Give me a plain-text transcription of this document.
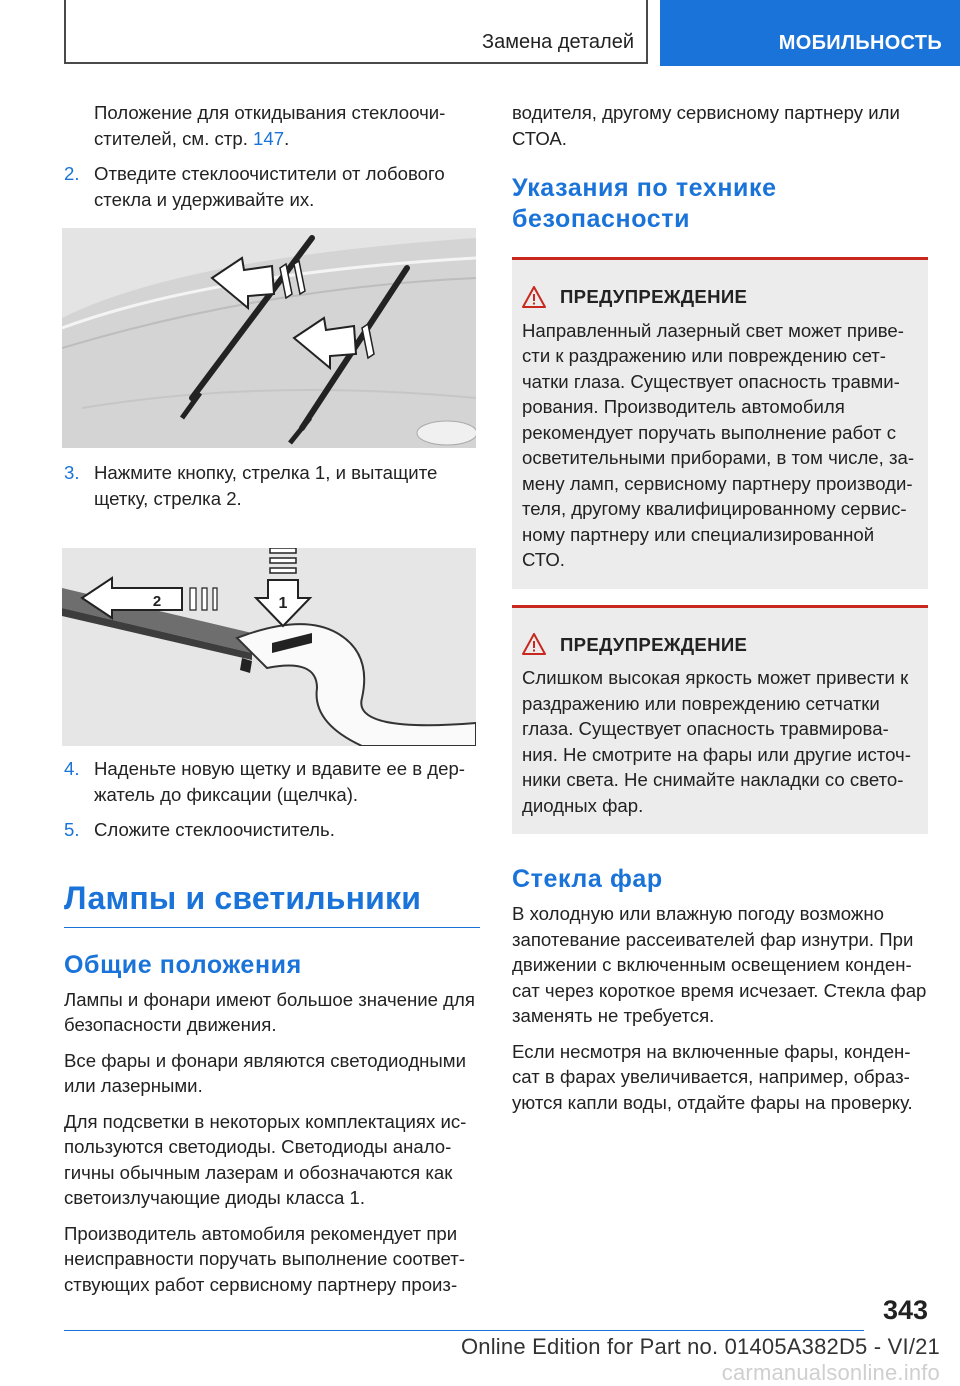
Замена деталей	МОБИЛЬНОСТЬ
Положение для откидывания стеклоочи-
стителей, см. стр. 147.
2. Отведите стеклоочистители от лобового стекла и удерживайте их.
3. Нажмите кнопку, стрелка 1, и вытащите щетку, стрелка 2.
1
2
4. Наденьте новую щетку и вдавите ее в дер- жатель до фиксации (щелчка).
5. Сложите стеклоочиститель.
Лампы и светильники
Общие положения

Лампы и фонари имеют большое значение для безопасности движения.

Все фары и фонари являются светодиодными или лазерными.

Для подсветки в некоторых комплектациях ис- пользуются светодиоды. Светодиоды анало- гичны обычным лазерам и обозначаются как светоизлучающие диоды класса 1.

Производитель автомобиля рекомендует при неисправности поручать выполнение соответ- ствующих работ сервисному партнеру произ-

водителя, другому сервисному партнеру или СТОА.

Указания по технике безопасности
ПРЕДУПРЕЖДЕНИЕ

Направленный лазерный свет может приве- сти к раздражению или повреждению сет- чатки глаза. Существует опасность травми- рования. Производитель автомобиля рекомендует поручать выполнение работ с осветительными приборами, в том числе, за- мену ламп, сервисному партнеру производи- теля, другому квалифицированному сервис- ному партнеру или специализированной СТО.

ПРЕДУПРЕЖДЕНИЕ

Слишком высокая яркость может привести к раздражению или повреждению сетчатки глаза. Существует опасность травмирова- ния. Не смотрите на фары или другие источ- ники света. Не снимайте накладки со свето- диодных фар.

Стекла фар

В холодную или влажную погоду возможно запотевание рассеивателей фар изнутри. При движении с включенным освещением конден- сат через короткое время исчезает. Стекла фар заменять не требуется.

Если несмотря на включенные фары, конден- сат в фарах увеличивается, например, образ- уются капли воды, отдайте фары на проверку.

343
Online Edition for Part no. 01405A382D5 - VI/21 carmanualsonline.info
